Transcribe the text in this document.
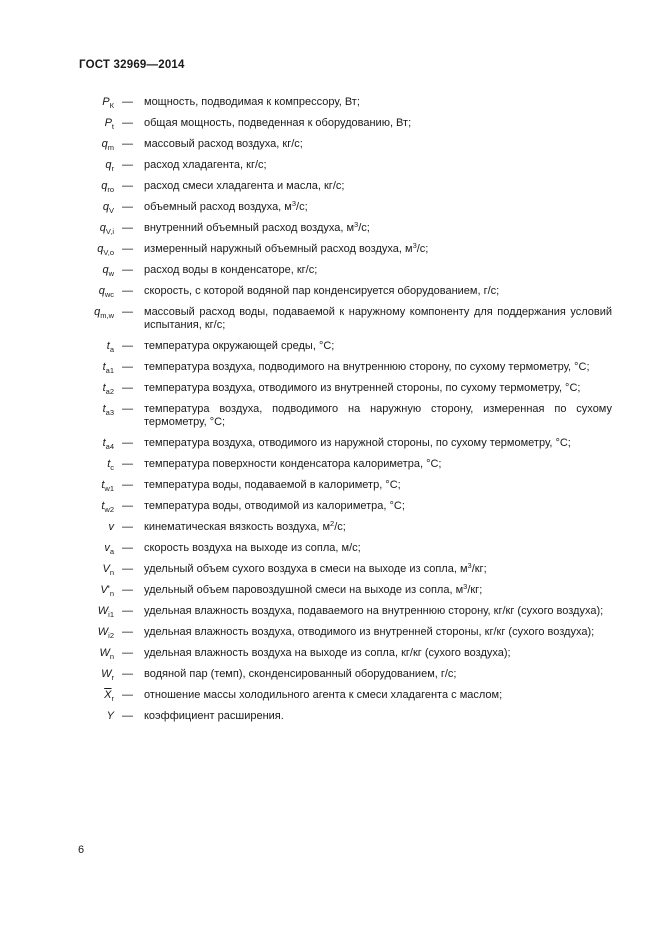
ГОСТ 32969—2014
$P_К$ — мощность, подводимая к компрессору, Вт;
$P_t$ — общая мощность, подведенная к оборудованию, Вт;
$q_m$ — массовый расход воздуха, кг/с;
$q_r$ — расход хладагента, кг/с;
$q_{ro}$ — расход смеси хладагента и масла, кг/с;
$q_V$ — объемный расход воздуха, $м^3/с$;
$q_{V,i}$ — внутренний объемный расход воздуха, $м^3/с$;
$q_{V,o}$ — измеренный наружный объемный расход воздуха, $м^3/с$;
$q_w$ — расход воды в конденсаторе, кг/с;
$q_{wc}$ — скорость, с которой водяной пар конденсируется оборудованием, г/с;
$q_{m,w}$ — массовый расход воды, подаваемой к наружному компоненту для поддержания условий испытания, кг/с;
$t_a$ — температура окружающей среды, °С;
$t_{a1}$ — температура воздуха, подводимого на внутреннюю сторону, по сухому термометру, °С;
$t_{a2}$ — температура воздуха, отводимого из внутренней стороны, по сухому термометру, °С;
$t_{a3}$ — температура воздуха, подводимого на наружную сторону, измеренная по сухому термометру, °С;
$t_{a4}$ — температура воздуха, отводимого из наружной стороны, по сухому термометру, °С;
$t_c$ — температура поверхности конденсатора калориметра, °С;
$t_{w1}$ — температура воды, подаваемой в калориметр, °С;
$t_{w2}$ — температура воды, отводимой из калориметра, °С;
v — кинематическая вязкость воздуха, $м^2/с$;
$v_a$ — скорость воздуха на выходе из сопла, м/с;
$V_n$ — удельный объем сухого воздуха в смеси на выходе из сопла, $м^3/кг$;
$V'_n$ — удельный объем паровоздушной смеси на выходе из сопла, $м^3/кг$;
$W_{i1}$ — удельная влажность воздуха, подаваемого на внутреннюю сторону, кг/кг (сухого воздуха);
$W_{i2}$ — удельная влажность воздуха, отводимого из внутренней стороны, кг/кг (сухого воздуха);
$W_n$ — удельная влажность воздуха на выходе из сопла, кг/кг (сухого воздуха);
$W_r$ — водяной пар (темп), сконденсированный оборудованием, г/с;
$\overline{X}_r$ — отношение массы холодильного агента к смеси хладагента с маслом;
Y — коэффициент расширения.
6
